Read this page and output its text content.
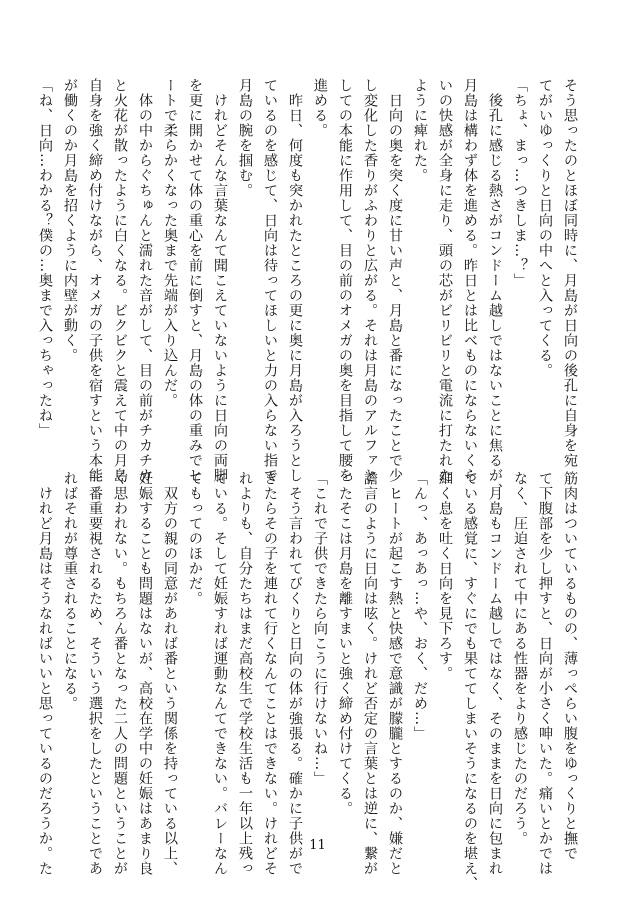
そう思ったのとほぼ同時に、月島が日向の後孔に自身を宛
てがいゆっくりと日向の中へと入ってくる。
「ちょ、まっ…つきしま…？」
　後孔に感じる熱さがコンドーム越しではないことに焦るが、
月島は構わず体を進める。昨日とは比べものにならないくら
いの快感が全身に走り、頭の芯がビリビリと電流に打たれた
ように痺れた。
　日向の奥を突く度に甘い声と、月島と番になったことで少
し変化した香りがふわりと広がる。それは月島のアルファと
しての本能に作用して、目の前のオメガの奥を目指して腰を
進める。
　昨日、何度も突かれたところの更に奥に月島が入ろうとし
ているのを感じて、日向は待ってほしいと力の入らない指で
月島の腕を掴む。
　けれどそんな言葉なんて聞こえていないように日向の両脚
を更に開かせて体の重心を前に倒すと、月島の体の重みでヒ
ートで柔らかくなった奥まで先端が入り込んだ。
　体の中からぐちゅんと濡れた音がして、目の前がチカチカ
と火花が散ったように白くなる。ビクビクと震えて中の月島
自身を強く締め付けながら、オメガの子供を宿すという本能
が働くのか月島を招くように内壁が動く。
「ね、日向…わかる？僕の…奥まで入っちゃったね」
筋肉はついているものの、薄っぺらい腹をゆっくりと撫で
て下腹部を少し押すと、日向が小さく呻いた。痛いとかでは
なく、圧迫されて中にある性器をより感じたのだろう。
　月島もコンドーム越しではなく、そのままを日向に包まれ
ている感覚に、すぐにでも果ててしまいそうになるのを堪え、
細く息を吐く日向を見下ろす。
「んっ、あっあっ…や、おく、だめ…」
　ヒートが起こす熱と快感で意識が朦朧とするのか、嫌だと
譫言のように日向は呟く。けれど否定の言葉とは逆に、繋が
ったそこは月島を離すまいと強く締め付けてくる。
「これで子供できたら向こうに行けないね…」
　そう言われてびくりと日向の体が強張る。確かに子供がで
きたらその子を連れて行くなんてことはできない。けれどそ
れよりも、自分たちはまだ高校生で学校生活も一年以上残っ
ている。そして妊娠すれば運動なんてできない。バレーなん
てもってのほかだ。
　双方の親の同意があれば番という関係を持っている以上、
妊娠することも問題はないが、高校在学中の妊娠はあまり良
く思われない。もちろん番となった二人の問題ということが
一番重要視されるため、そういう選択をしたということであ
ればそれが尊重されることになる。
　けれど月島はそうなればいいと思っているのだろうか。た	11
